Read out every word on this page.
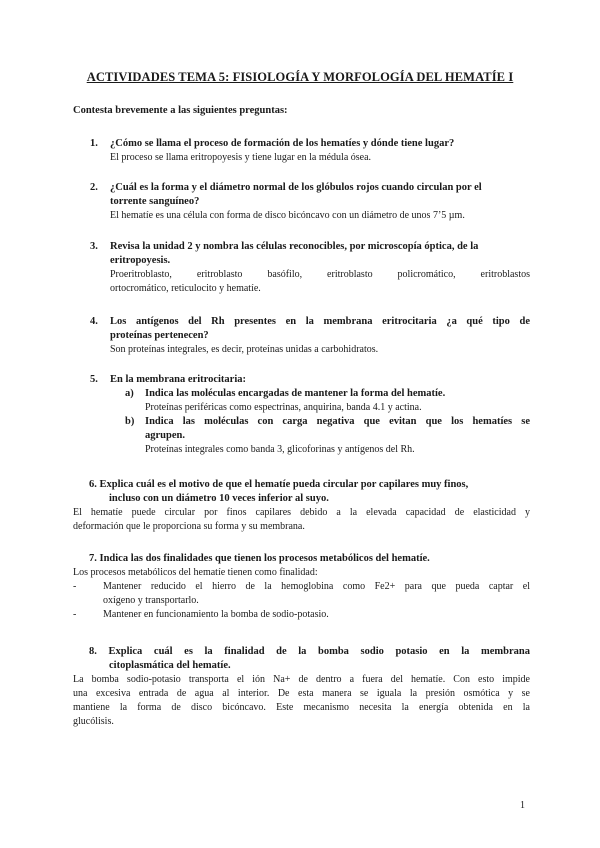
ACTIVIDADES TEMA 5: FISIOLOGÍA Y MORFOLOGÍA DEL HEMATÍE I
Contesta brevemente a las siguientes preguntas:
1. ¿Cómo se llama el proceso de formación de los hematíes y dónde tiene lugar?
El proceso se llama eritropoyesis y tiene lugar en la médula ósea.
2. ¿Cuál es la forma y el diámetro normal de los glóbulos rojos cuando circulan por el
torrente sanguíneo?
El hematíe es una célula con forma de disco bicóncavo con un diámetro de unos 7’5 µm.
3. Revisa la unidad 2 y nombra las células reconocibles, por microscopía óptica, de la
eritropoyesis.
Proeritroblasto, eritroblasto basófilo, eritroblasto policromático, eritroblastos
ortocromático, reticulocito y hematíe.
4.	Los antígenos del Rh presentes en la membrana eritrocitaria ¿a qué tipo de
proteínas pertenecen?
Son proteínas integrales, es decir, proteínas unidas a carbohidratos.
5. En la membrana eritrocitaria:
a) Indica las moléculas encargadas de mantener la forma del hematíe.
Proteínas periféricas como espectrinas, anquirina, banda 4.1 y actina.
b)	Indica las moléculas con carga negativa que evitan que los hematíes se
agrupen.
Proteínas integrales como banda 3, glicoforinas y antígenos del Rh.
6. Explica cuál es el motivo de que el hematíe pueda circular por capilares muy finos,
incluso con un diámetro 10 veces inferior al suyo.
El hematíe puede circular por finos capilares debido a la elevada capacidad de elasticidad y
deformación que le proporciona su forma y su membrana.
7. Indica las dos finalidades que tienen los procesos metabólicos del hematíe.
Los procesos metabólicos del hematíe tienen como finalidad:
-	Mantener reducido el hierro de la hemoglobina como Fe2+ para que pueda captar el
oxígeno y transportarlo.
-	Mantener en funcionamiento la bomba de sodio-potasio.
8. Explica cuál es la finalidad de la bomba sodio potasio en la membrana
citoplasmática del hematíe.
La bomba sodio-potasio transporta el ión Na+ de dentro a fuera del hematíe. Con esto impide
una excesiva entrada de agua al interior. De esta manera se iguala la presión osmótica y se
mantiene la forma de disco bicóncavo. Este mecanismo necesita la energía obtenida en la
glucólisis.
1
